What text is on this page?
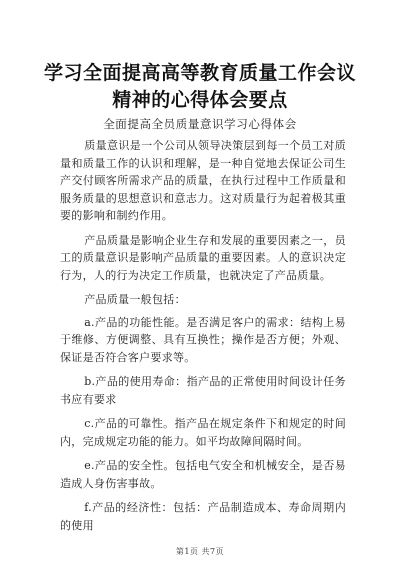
学习全面提高高等教育质量工作会议精神的心得体会要点
全面提高全员质量意识学习心得体会

质量意识是一个公司从领导决策层到每一个员工对质量和质量工作的认识和理解，是一种自觉地去保证公司生产交付顾客所需求产品的质量，在执行过程中工作质量和服务质量的思想意识和意志力。这对质量行为起着极其重要的影响和制约作用。

产品质量是影响企业生存和发展的重要因素之一，员工的质量意识是影响产品质量的重要因素。人的意识决定行为，人的行为决定工作质量，也就决定了产品质量。

产品质量一般包括：

a.产品的功能性能。是否满足客户的需求：结构上易于维修、方便调整、具有互换性；操作是否方便；外观、保证是否符合客户要求等。

b.产品的使用寿命：指产品的正常使用时间设计任务书应有要求

c.产品的可靠性。指产品在规定条件下和规定的时间内，完成规定功能的能力。如平均故障间隔时间。

e.产品的安全性。包括电气安全和机械安全，是否易造成人身伤害事故。

f.产品的经济性：包括：产品制造成本、寿命周期内的使用

第1页 共7页
